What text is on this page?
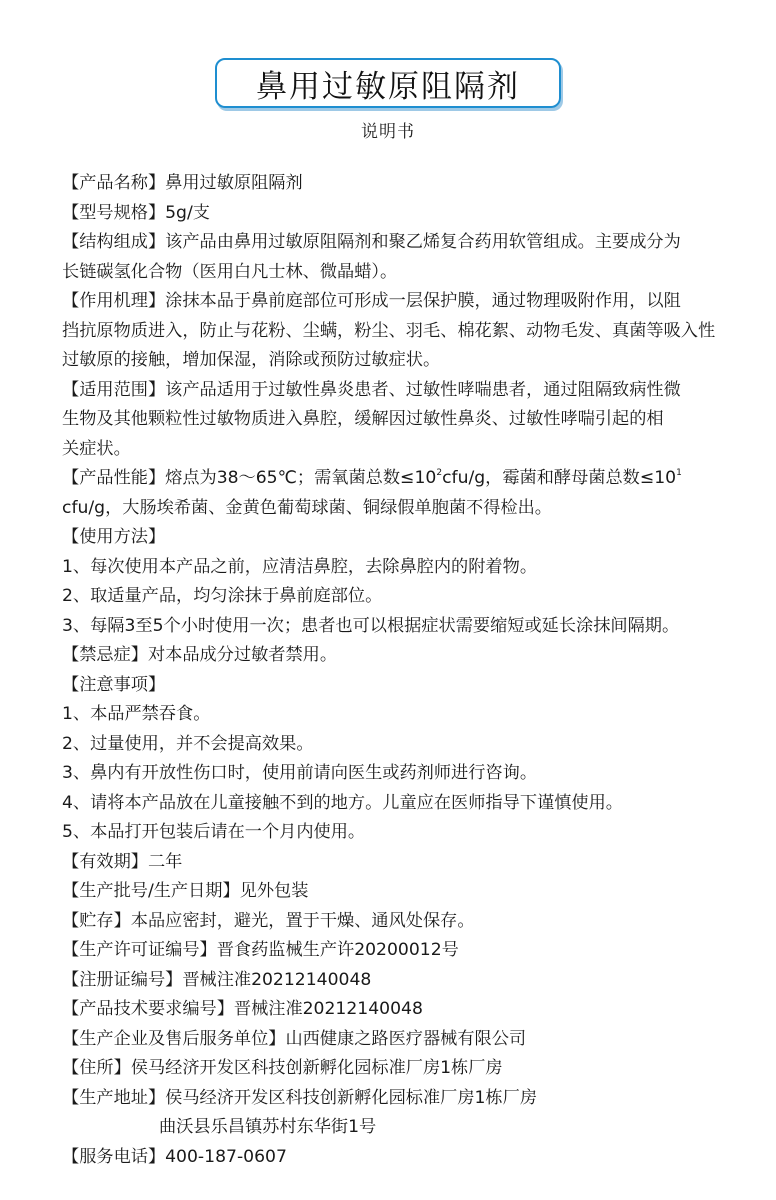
鼻用过敏原阻隔剂
说明书
【产品名称】鼻用过敏原阻隔剂
【型号规格】5g/支
【结构组成】该产品由鼻用过敏原阻隔剂和聚乙烯复合药用软管组成。主要成分为
长链碳氢化合物（医用白凡士林、微晶蜡）。
【作用机理】涂抹本品于鼻前庭部位可形成一层保护膜，通过物理吸附作用，以阻
挡抗原物质进入，防止与花粉、尘螨，粉尘、羽毛、棉花絮、动物毛发、真菌等吸入性
过敏原的接触，增加保湿，消除或预防过敏症状。
【适用范围】该产品适用于过敏性鼻炎患者、过敏性哮喘患者，通过阻隔致病性微
生物及其他颗粒性过敏物质进入鼻腔，缓解因过敏性鼻炎、过敏性哮喘引起的相
关症状。
【产品性能】熔点为38～65℃；需氧菌总数$\le 10^2cfu/g$，霉菌和酵母菌总数$\le 10^1$
cfu/g，大肠埃希菌、金黄色葡萄球菌、铜绿假单胞菌不得检出。
【使用方法】
1、每次使用本产品之前，应清洁鼻腔，去除鼻腔内的附着物。
2、取适量产品，均匀涂抹于鼻前庭部位。
3、每隔3至5个小时使用一次；患者也可以根据症状需要缩短或延长涂抹间隔期。
【禁忌症】对本品成分过敏者禁用。
【注意事项】
1、本品严禁吞食。
2、过量使用，并不会提高效果。
3、鼻内有开放性伤口时，使用前请向医生或药剂师进行咨询。
4、请将本产品放在儿童接触不到的地方。儿童应在医师指导下谨慎使用。
5、本品打开包装后请在一个月内使用。
【有效期】二年
【生产批号/生产日期】见外包装
【贮存】本品应密封，避光，置于干燥、通风处保存。
【生产许可证编号】晋食药监械生产许20200012号
【注册证编号】晋械注准20212140048
【产品技术要求编号】晋械注准20212140048
【生产企业及售后服务单位】山西健康之路医疗器械有限公司
【住所】侯马经济开发区科技创新孵化园标准厂房1栋厂房
【生产地址】侯马经济开发区科技创新孵化园标准厂房1栋厂房
曲沃县乐昌镇苏村东华街1号
【服务电话】400-187-0607
